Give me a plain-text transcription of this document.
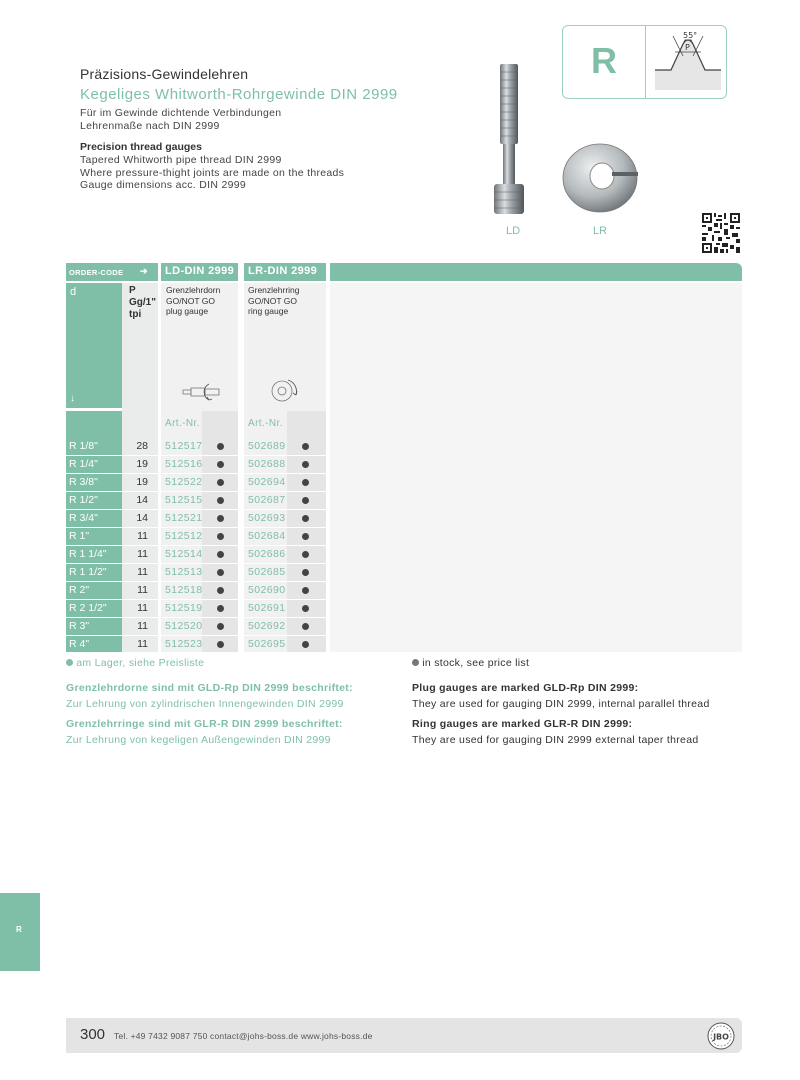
Präzisions-Gewindelehren
Kegeliges Whitworth-Rohrgewinde DIN 2999
Für im Gewinde dichtende Verbindungen
Lehrenmaße nach DIN 2999
Precision thread gauges
Tapered Whitworth pipe thread DIN 2999
Where pressure-thight joints are made on the threads
Gauge dimensions acc. DIN 2999
R
55°
P
LD	LR
ORDER-CODE ➔ LD-DIN 2999 LR-DIN 2999
d
↓
P
Gg/1"
tpi
Grenzlehrdorn
GO/NOT GO
plug gauge
Grenzlehrring
GO/NOT GO
ring gauge
Art.-Nr.	Art.-Nr.
R 1/8"	28 512517	502689
R 1/4"	19 512516	502688
R 3/8"	19 512522	502694
R 1/2"	14 512515	502687
R 3/4"	14 512521	502693
R 1"	11 512512	502684
R 1 1/4"	11 512514	502686
R 1 1/2"	11 512513	502685
R 2"	11 512518	502690
R 2 1/2"	11 512519	502691
R 3"	11 512520	502692
R 4"	11 512523	502695
am Lager, siehe Preisliste	in stock, see price list
Grenzlehrdorne sind mit GLD-Rp DIN 2999 beschriftet:
Zur Lehrung von zylindrischen Innengewinden DIN 2999
Grenzlehrringe sind mit GLR-R DIN 2999 beschriftet:
Zur Lehrung von kegeligen Außengewinden DIN 2999
Plug gauges are marked GLD-Rp DIN 2999:
They are used for gauging DIN 2999, internal parallel thread
Ring gauges are marked GLR-R DIN 2999:
They are used for gauging DIN 2999 external taper thread
R
300 Tel. +49 7432 9087 750 contact@johs-boss.de www.johs-boss.de	JBO
